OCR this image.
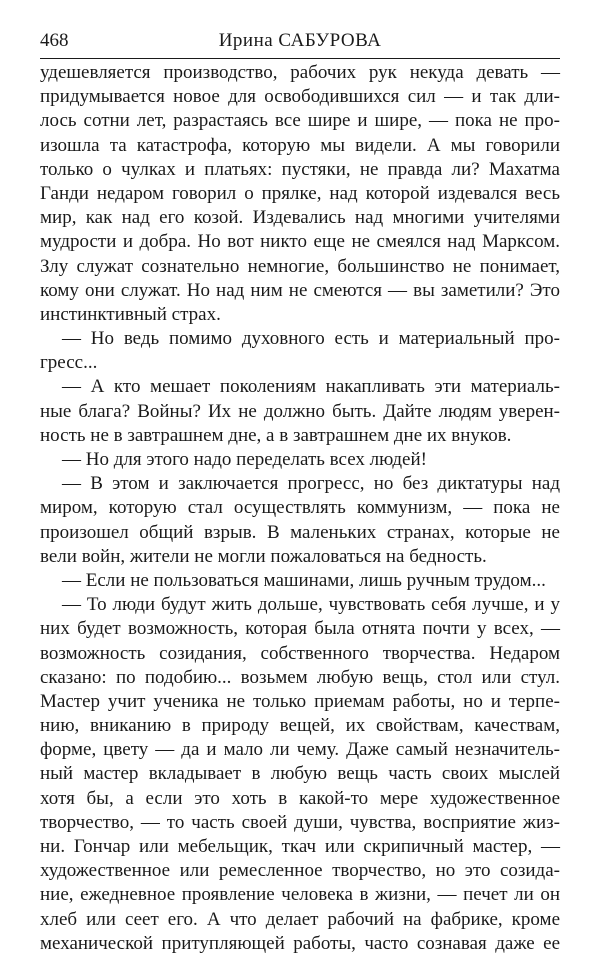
468	Ирина САБУРОВА
удешевляется производство, рабочих рук некуда девать —
придумывается новое для освободившихся сил — и так дли-
лось сотни лет, разрастаясь все шире и шире, — пока не про-
изошла та катастрофа, которую мы видели. А мы говорили
только о чулках и платьях: пустяки, не правда ли? Махатма
Ганди недаром говорил о прялке, над которой издевался весь
мир, как над его козой. Издевались над многими учителями
мудрости и добра. Но вот никто еще не смеялся над Марксом.
Злу служат сознательно немногие, большинство не понимает,
кому они служат. Но над ним не смеются — вы заметили? Это
инстинктивный страх.
— Но ведь помимо духовного есть и материальный про-
гресс...
— А кто мешает поколениям накапливать эти материаль-
ные блага? Войны? Их не должно быть. Дайте людям уверен-
ность не в завтрашнем дне, а в завтрашнем дне их внуков.
— Но для этого надо переделать всех людей!
— В этом и заключается прогресс, но без диктатуры над
миром, которую стал осуществлять коммунизм, — пока не
произошел общий взрыв. В маленьких странах, которые не
вели войн, жители не могли пожаловаться на бедность.
— Если не пользоваться машинами, лишь ручным трудом...
— То люди будут жить дольше, чувствовать себя лучше, и у
них будет возможность, которая была отнята почти у всех, —
возможность созидания, собственного творчества. Недаром
сказано: по подобию... возьмем любую вещь, стол или стул.
Мастер учит ученика не только приемам работы, но и терпе-
нию, вниканию в природу вещей, их свойствам, качествам,
форме, цвету — да и мало ли чему. Даже самый незначитель-
ный мастер вкладывает в любую вещь часть своих мыслей
хотя бы, а если это хоть в какой-то мере художественное
творчество, — то часть своей души, чувства, восприятие жиз-
ни. Гончар или мебельщик, ткач или скрипичный мастер, —
художественное или ремесленное творчество, но это созида-
ние, ежедневное проявление человека в жизни, — печет ли он
хлеб или сеет его. А что делает рабочий на фабрике, кроме
механической притупляющей работы, часто сознавая даже ее
